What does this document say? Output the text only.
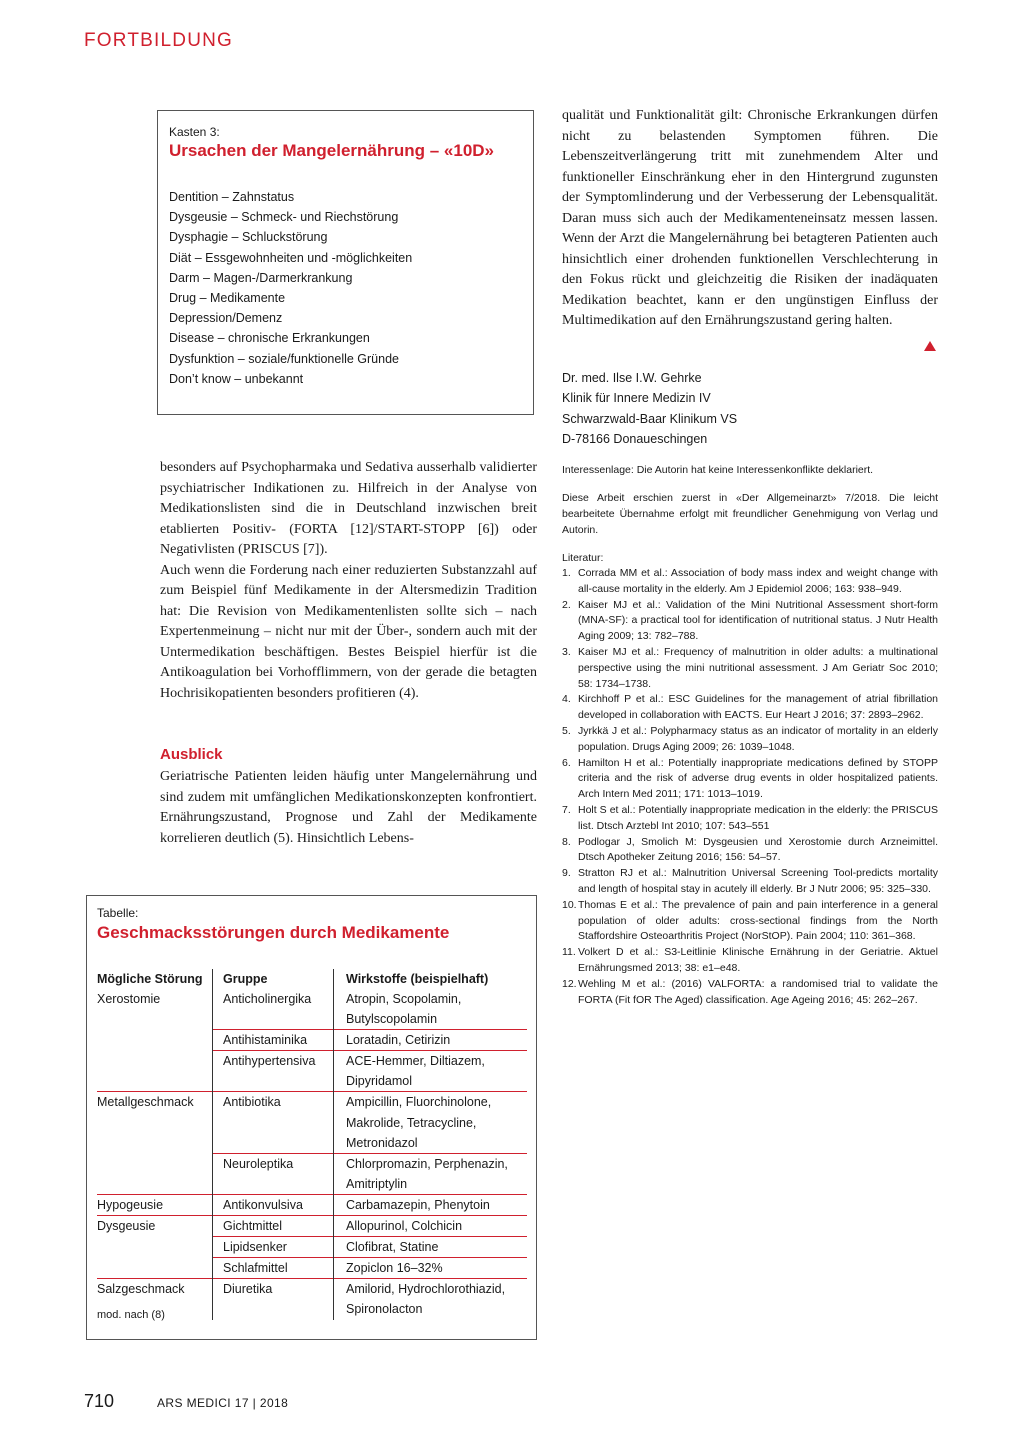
FORTBILDUNG
Kasten 3:
Ursachen der Mangelernährung – «10D»
Dentition – Zahnstatus
Dysgeusie – Schmeck- und Riechstörung
Dysphagie – Schluckstörung
Diät – Essgewohnheiten und -möglichkeiten
Darm – Magen-/Darmerkrankung
Drug – Medikamente
Depression/Demenz
Disease – chronische Erkrankungen
Dysfunktion – soziale/funktionelle Gründe
Don’t know – unbekannt

besonders auf Psychopharmaka und Sedativa ausserhalb validierter psychiatrischer Indikationen zu. Hilfreich in der Analyse von Medikationslisten sind die in Deutschland inzwischen breit etablierten Positiv- (FORTA [12]/START-STOPP [6]) oder Negativlisten (PRISCUS [7]).

Auch wenn die Forderung nach einer reduzierten Substanzzahl auf zum Beispiel fünf Medikamente in der Altersmedizin Tradition hat: Die Revision von Medikamentenlisten sollte sich – nach Expertenmeinung – nicht nur mit der Über-, sondern auch mit der Untermedikation beschäftigen. Bestes Beispiel hierfür ist die Antikoagulation bei Vorhofflimmern, von der gerade die betagten Hochrisikopatienten besonders profitieren (4).

Ausblick

Geriatrische Patienten leiden häufig unter Mangelernährung und sind zudem mit umfänglichen Medikationskonzepten konfrontiert. Ernährungszustand, Prognose und Zahl der Medikamente korrelieren deutlich (5). Hinsichtlich Lebens-

qualität und Funktionalität gilt: Chronische Erkrankungen dürfen nicht zu belastenden Symptomen führen. Die Lebenszeitverlängerung tritt mit zunehmendem Alter und funktioneller Einschränkung eher in den Hintergrund zugunsten der Symptomlinderung und der Verbesserung der Lebensqualität. Daran muss sich auch der Medikamenteneinsatz messen lassen. Wenn der Arzt die Mangelernährung bei betagteren Patienten auch hinsichtlich einer drohenden funktionellen Verschlechterung in den Fokus rückt und gleichzeitig die Risiken der inadäquaten Medikation beachtet, kann er den ungünstigen Einfluss der Multimedikation auf den Ernährungszustand gering halten.

Dr. med. Ilse I.W. Gehrke
Klinik für Innere Medizin IV
Schwarzwald-Baar Klinikum VS
D-78166 Donaueschingen
Interessenlage: Die Autorin hat keine Interessenkonflikte deklariert.
Diese Arbeit erschien zuerst in «Der Allgemeinarzt» 7/2018. Die leicht bearbeitete Übernahme erfolgt mit freundlicher Genehmigung von Verlag und Autorin.
Literatur:
1. Corrada MM et al.: Association of body mass index and weight change with all-cause mortality in the elderly. Am J Epidemiol 2006; 163: 938–949.
2. Kaiser MJ et al.: Validation of the Mini Nutritional Assessment short-form (MNA-SF): a practical tool for identification of nutritional status. J Nutr Health Aging 2009; 13: 782–788.
3. Kaiser MJ et al.: Frequency of malnutrition in older adults: a multinational perspective using the mini nutritional assessment. J Am Geriatr Soc 2010; 58: 1734–1738.
4. Kirchhoff P et al.: ESC Guidelines for the management of atrial fibrillation developed in collaboration with EACTS. Eur Heart J 2016; 37: 2893–2962.
5. Jyrkkä J et al.: Polypharmacy status as an indicator of mortality in an elderly population. Drugs Aging 2009; 26: 1039–1048.
6. Hamilton H et al.: Potentially inappropriate medications defined by STOPP criteria and the risk of adverse drug events in older hospitalized patients. Arch Intern Med 2011; 171: 1013–1019.
7. Holt S et al.: Potentially inappropriate medication in the elderly: the PRISCUS list. Dtsch Arztebl Int 2010; 107: 543–551
8. Podlogar J, Smolich M: Dysgeusien und Xerostomie durch Arzneimittel. Dtsch Apotheker Zeitung 2016; 156: 54–57.
9. Stratton RJ et al.: Malnutrition Universal Screening Tool-predicts mortality and length of hospital stay in acutely ill elderly. Br J Nutr 2006; 95: 325–330.
10. Thomas E et al.: The prevalence of pain and pain interference in a general population of older adults: cross-sectional findings from the North Staffordshire Osteoarthritis Project (NorStOP). Pain 2004; 110: 361–368.
11. Volkert D et al.: S3-Leitlinie Klinische Ernährung in der Geriatrie. Aktuel Ernährungsmed 2013; 38: e1–e48.
12. Wehling M et al.: (2016) VALFORTA: a randomised trial to validate the FORTA (Fit fOR The Aged) classification. Age Ageing 2016; 45: 262–267.
Tabelle:
Geschmacksstörungen durch Medikamente
Mögliche Störung	Gruppe	Wirkstoffe (beispielhaft)
Xerostomie	Anticholinergika	Atropin, Scopolamin, Butylscopolamin
	Antihistaminika	Loratadin, Cetirizin
	Antihypertensiva	ACE-Hemmer, Diltiazem, Dipyridamol
Metallgeschmack	Antibiotika	Ampicillin, Fluorchinolone, Makrolide, Tetracycline, Metronidazol
	Neuroleptika	Chlorpromazin, Perphenazin, Amitriptylin
Hypogeusie	Antikonvulsiva	Carbamazepin, Phenytoin
Dysgeusie	Gichtmittel	Allopurinol, Colchicin
	Lipidsenker	Clofibrat, Statine
	Schlafmittel	Zopiclon 16–32%
Salzgeschmack	Diuretika	Amilorid, Hydrochlorothiazid, Spironolacton
mod. nach (8)
710	ARS MEDICI 17 | 2018
